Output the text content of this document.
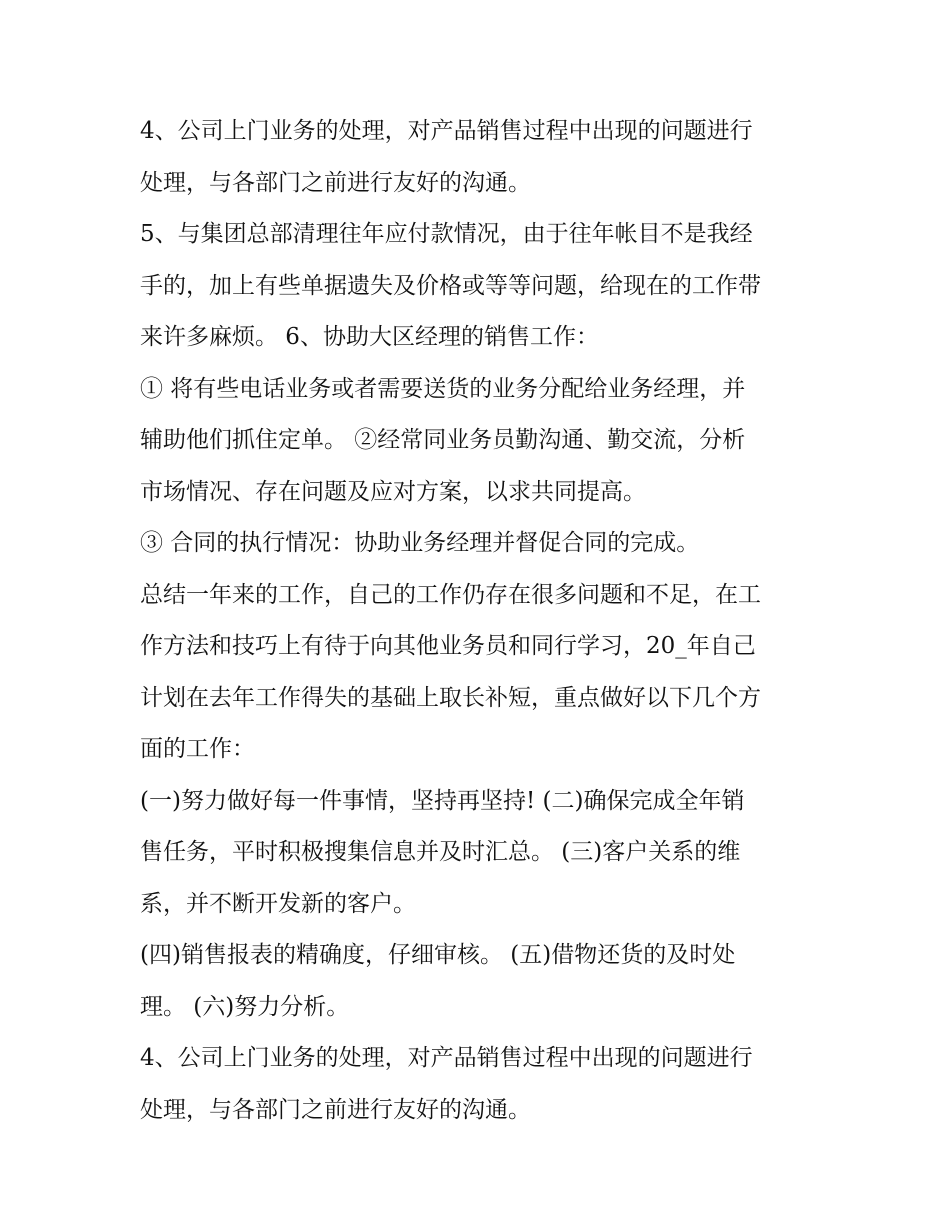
4、公司上门业务的处理，对产品销售过程中出现的问题进行
处理，与各部门之前进行友好的沟通。

5、与集团总部清理往年应付款情况，由于往年帐目不是我经
手的，加上有些单据遗失及价格或等等问题，给现在的工作带
来许多麻烦。 6、协助大区经理的销售工作：

① 将有些电话业务或者需要送货的业务分配给业务经理，并
辅助他们抓住定单。 ②经常同业务员勤沟通、勤交流，分析
市场情况、存在问题及应对方案，以求共同提高。

③ 合同的执行情况：协助业务经理并督促合同的完成。

总结一年来的工作，自己的工作仍存在很多问题和不足，在工
作方法和技巧上有待于向其他业务员和同行学习，20_年自己
计划在去年工作得失的基础上取长补短，重点做好以下几个方
面的工作：

(一)努力做好每一件事情，坚持再坚持! (二)确保完成全年销
售任务，平时积极搜集信息并及时汇总。 (三)客户关系的维
系，并不断开发新的客户。

(四)销售报表的精确度，仔细审核。 (五)借物还货的及时处
理。 (六)努力分析。

4、公司上门业务的处理，对产品销售过程中出现的问题进行
处理，与各部门之前进行友好的沟通。
